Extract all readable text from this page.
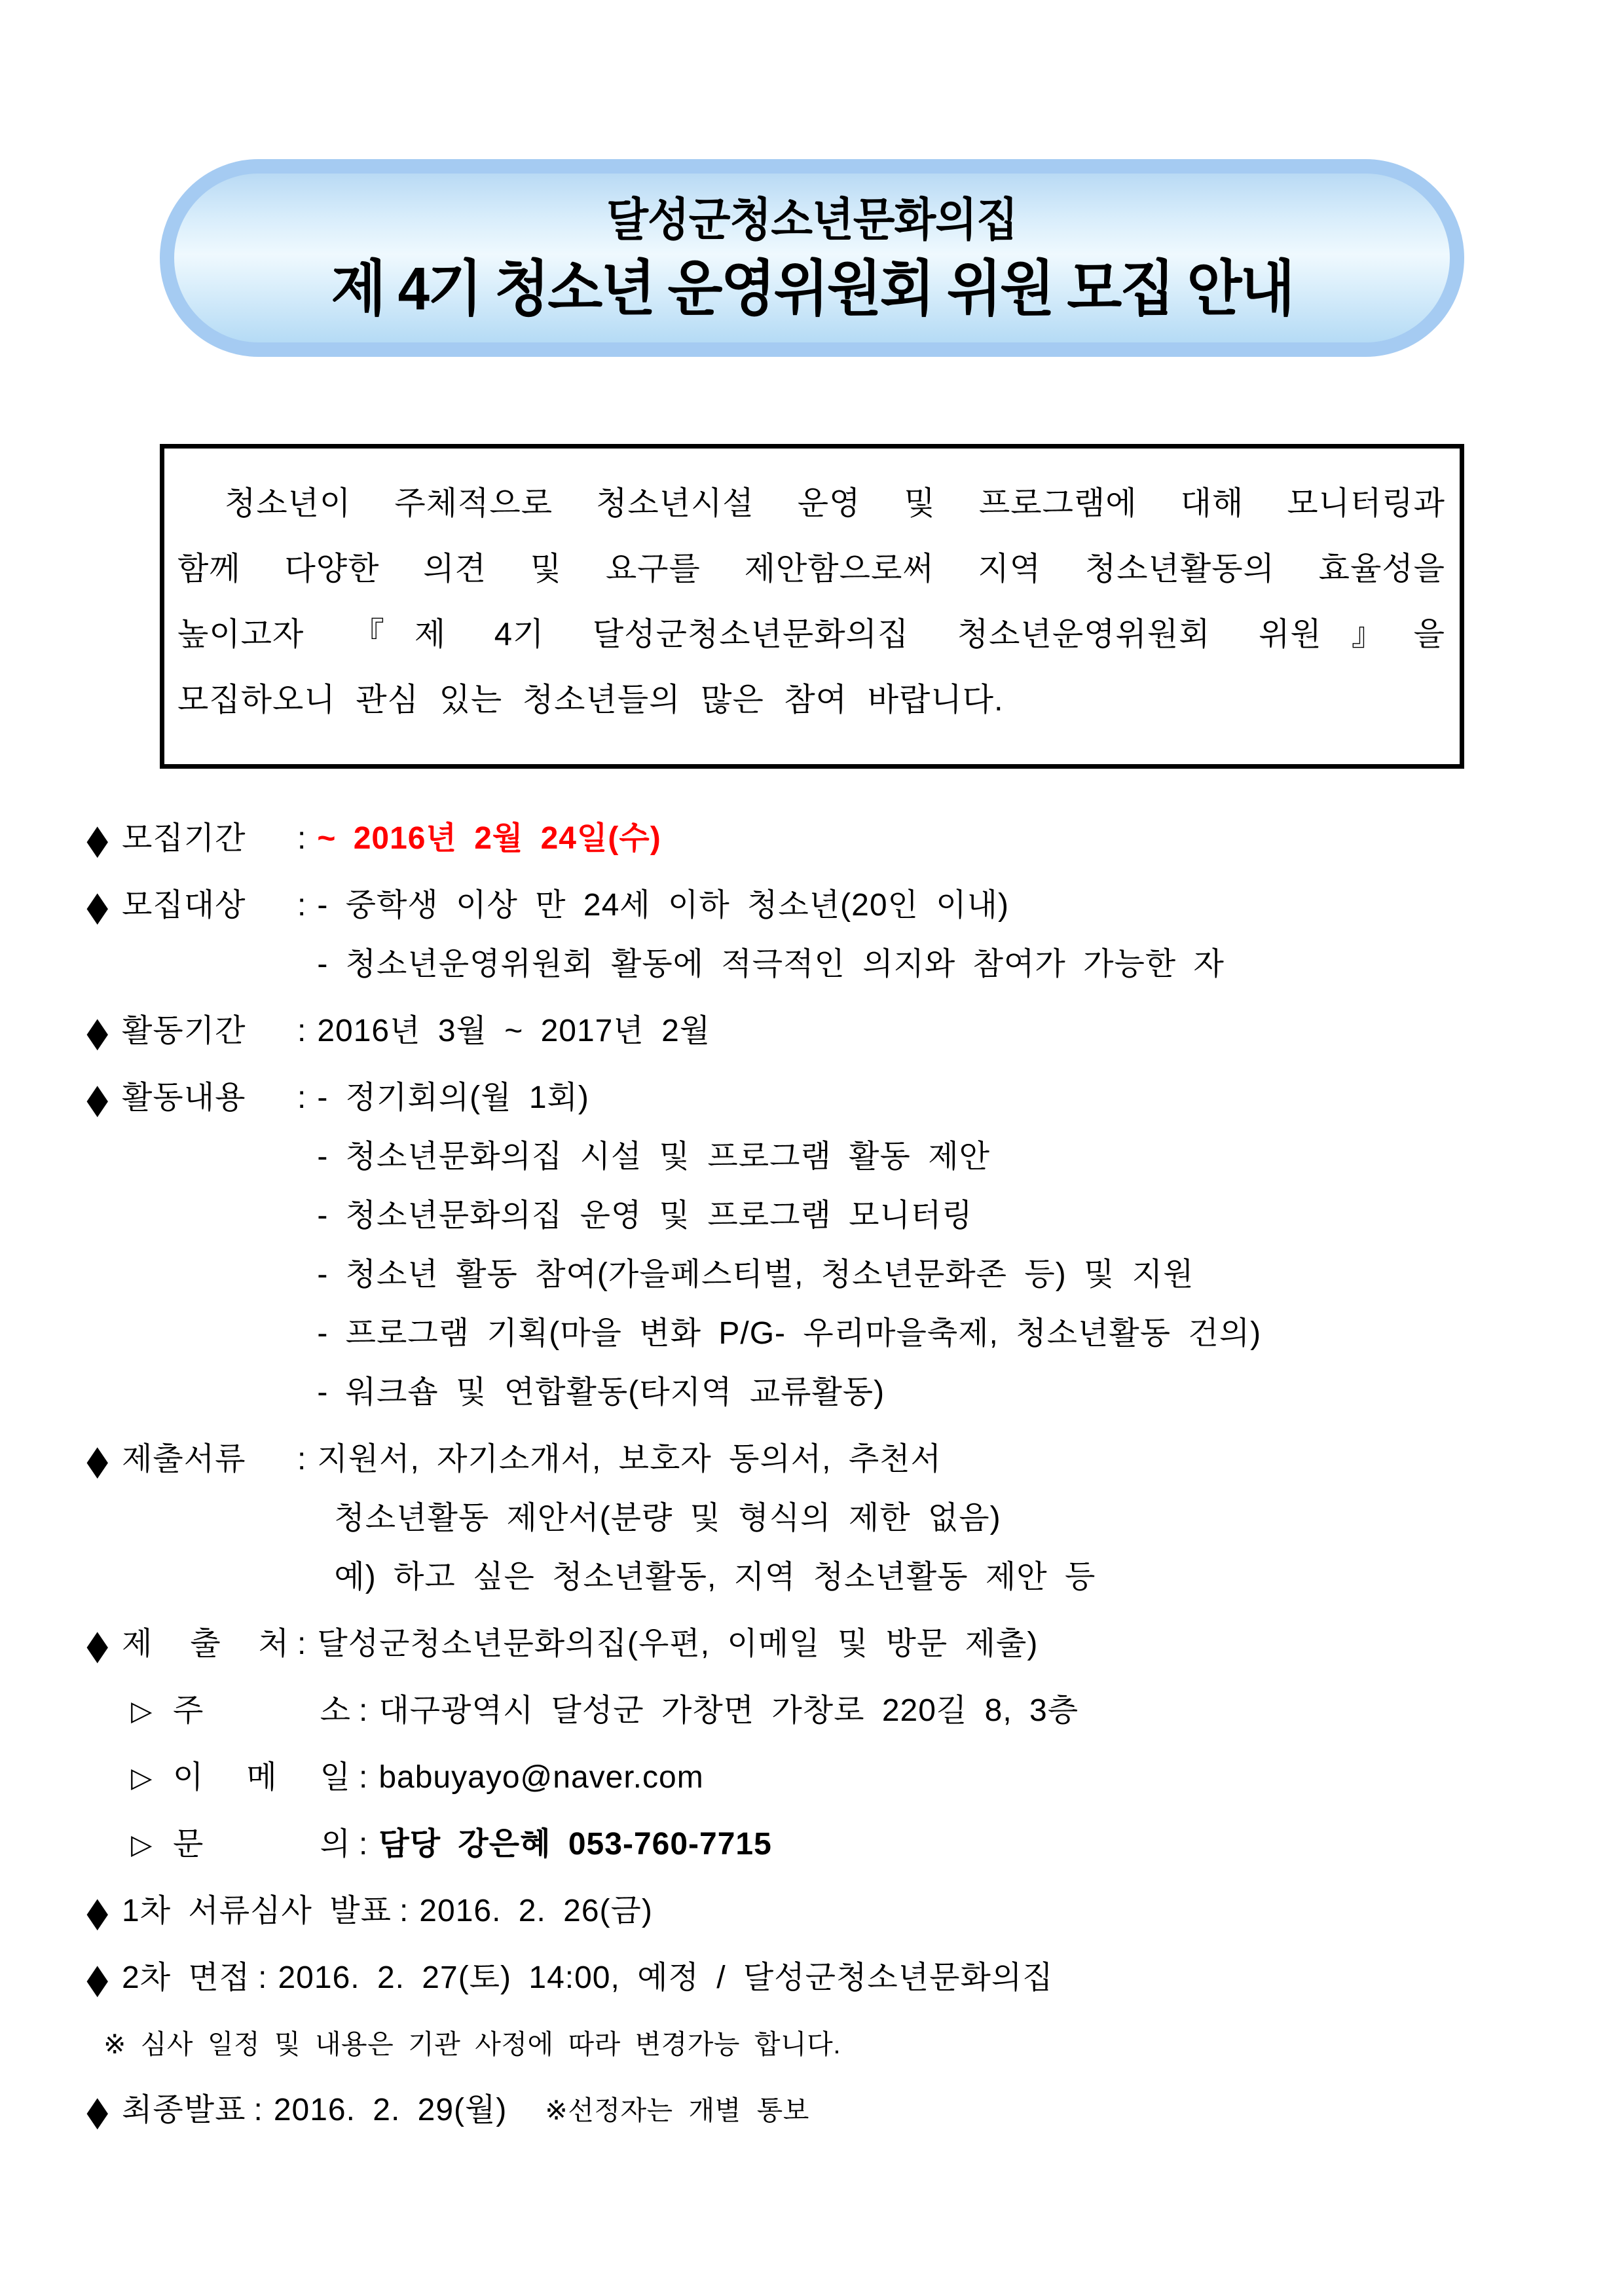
달성군청소년문화의집
제 4기 청소년 운영위원회 위원 모집 안내
청소년이 주체적으로 청소년시설 운영 및 프로그램에 대해 모니터링과
함께 다양한 의견 및 요구를 제안함으로써 지역 청소년활동의 효율성을
높이고자 『제 4기 달성군청소년문화의집 청소년운영위원회 위원』을
모집하오니 관심 있는 청소년들의 많은 참여 바랍니다.
◆ 모집기간	: ~ 2016년 2월 24일(수)
◆ 모집대상	: - 중학생 이상 만 24세 이하 청소년(20인 이내)
- 청소년운영위원회 활동에 적극적인 의지와 참여가 가능한 자
◆ 활동기간	: 2016년 3월 ~ 2017년 2월
◆ 활동내용	: - 정기회의(월 1회)
- 청소년문화의집 시설 및 프로그램 활동 제안
- 청소년문화의집 운영 및 프로그램 모니터링
- 청소년 활동 참여(가을페스티벌, 청소년문화존 등) 및 지원
- 프로그램 기획(마을 변화 P/G- 우리마을축제, 청소년활동 건의)
- 워크숍 및 연합활동(타지역 교류활동)
◆ 제출서류	: 지원서, 자기소개서, 보호자 동의서, 추천서
청소년활동 제안서(분량 및 형식의 제한 없음)
예) 하고 싶은 청소년활동, 지역 청소년활동 제안 등
◆ 제 출 처 : 달성군청소년문화의집(우편, 이메일 및 방문 제출)
▷ 주 소 : 대구광역시 달성군 가창면 가창로 220길 8, 3층
▷ 이 메 일 : babuyayo@naver.com
▷ 문 의 : 담당 강은혜 053-760-7715
◆ 1차 서류심사 발표 : 2016. 2. 26(금)
◆ 2차 면접 : 2016. 2. 27(토) 14:00, 예정 / 달성군청소년문화의집
※ 심사 일정 및 내용은 기관 사정에 따라 변경가능 합니다.
◆ 최종발표 : 2016. 2. 29(월) ※선정자는 개별 통보
